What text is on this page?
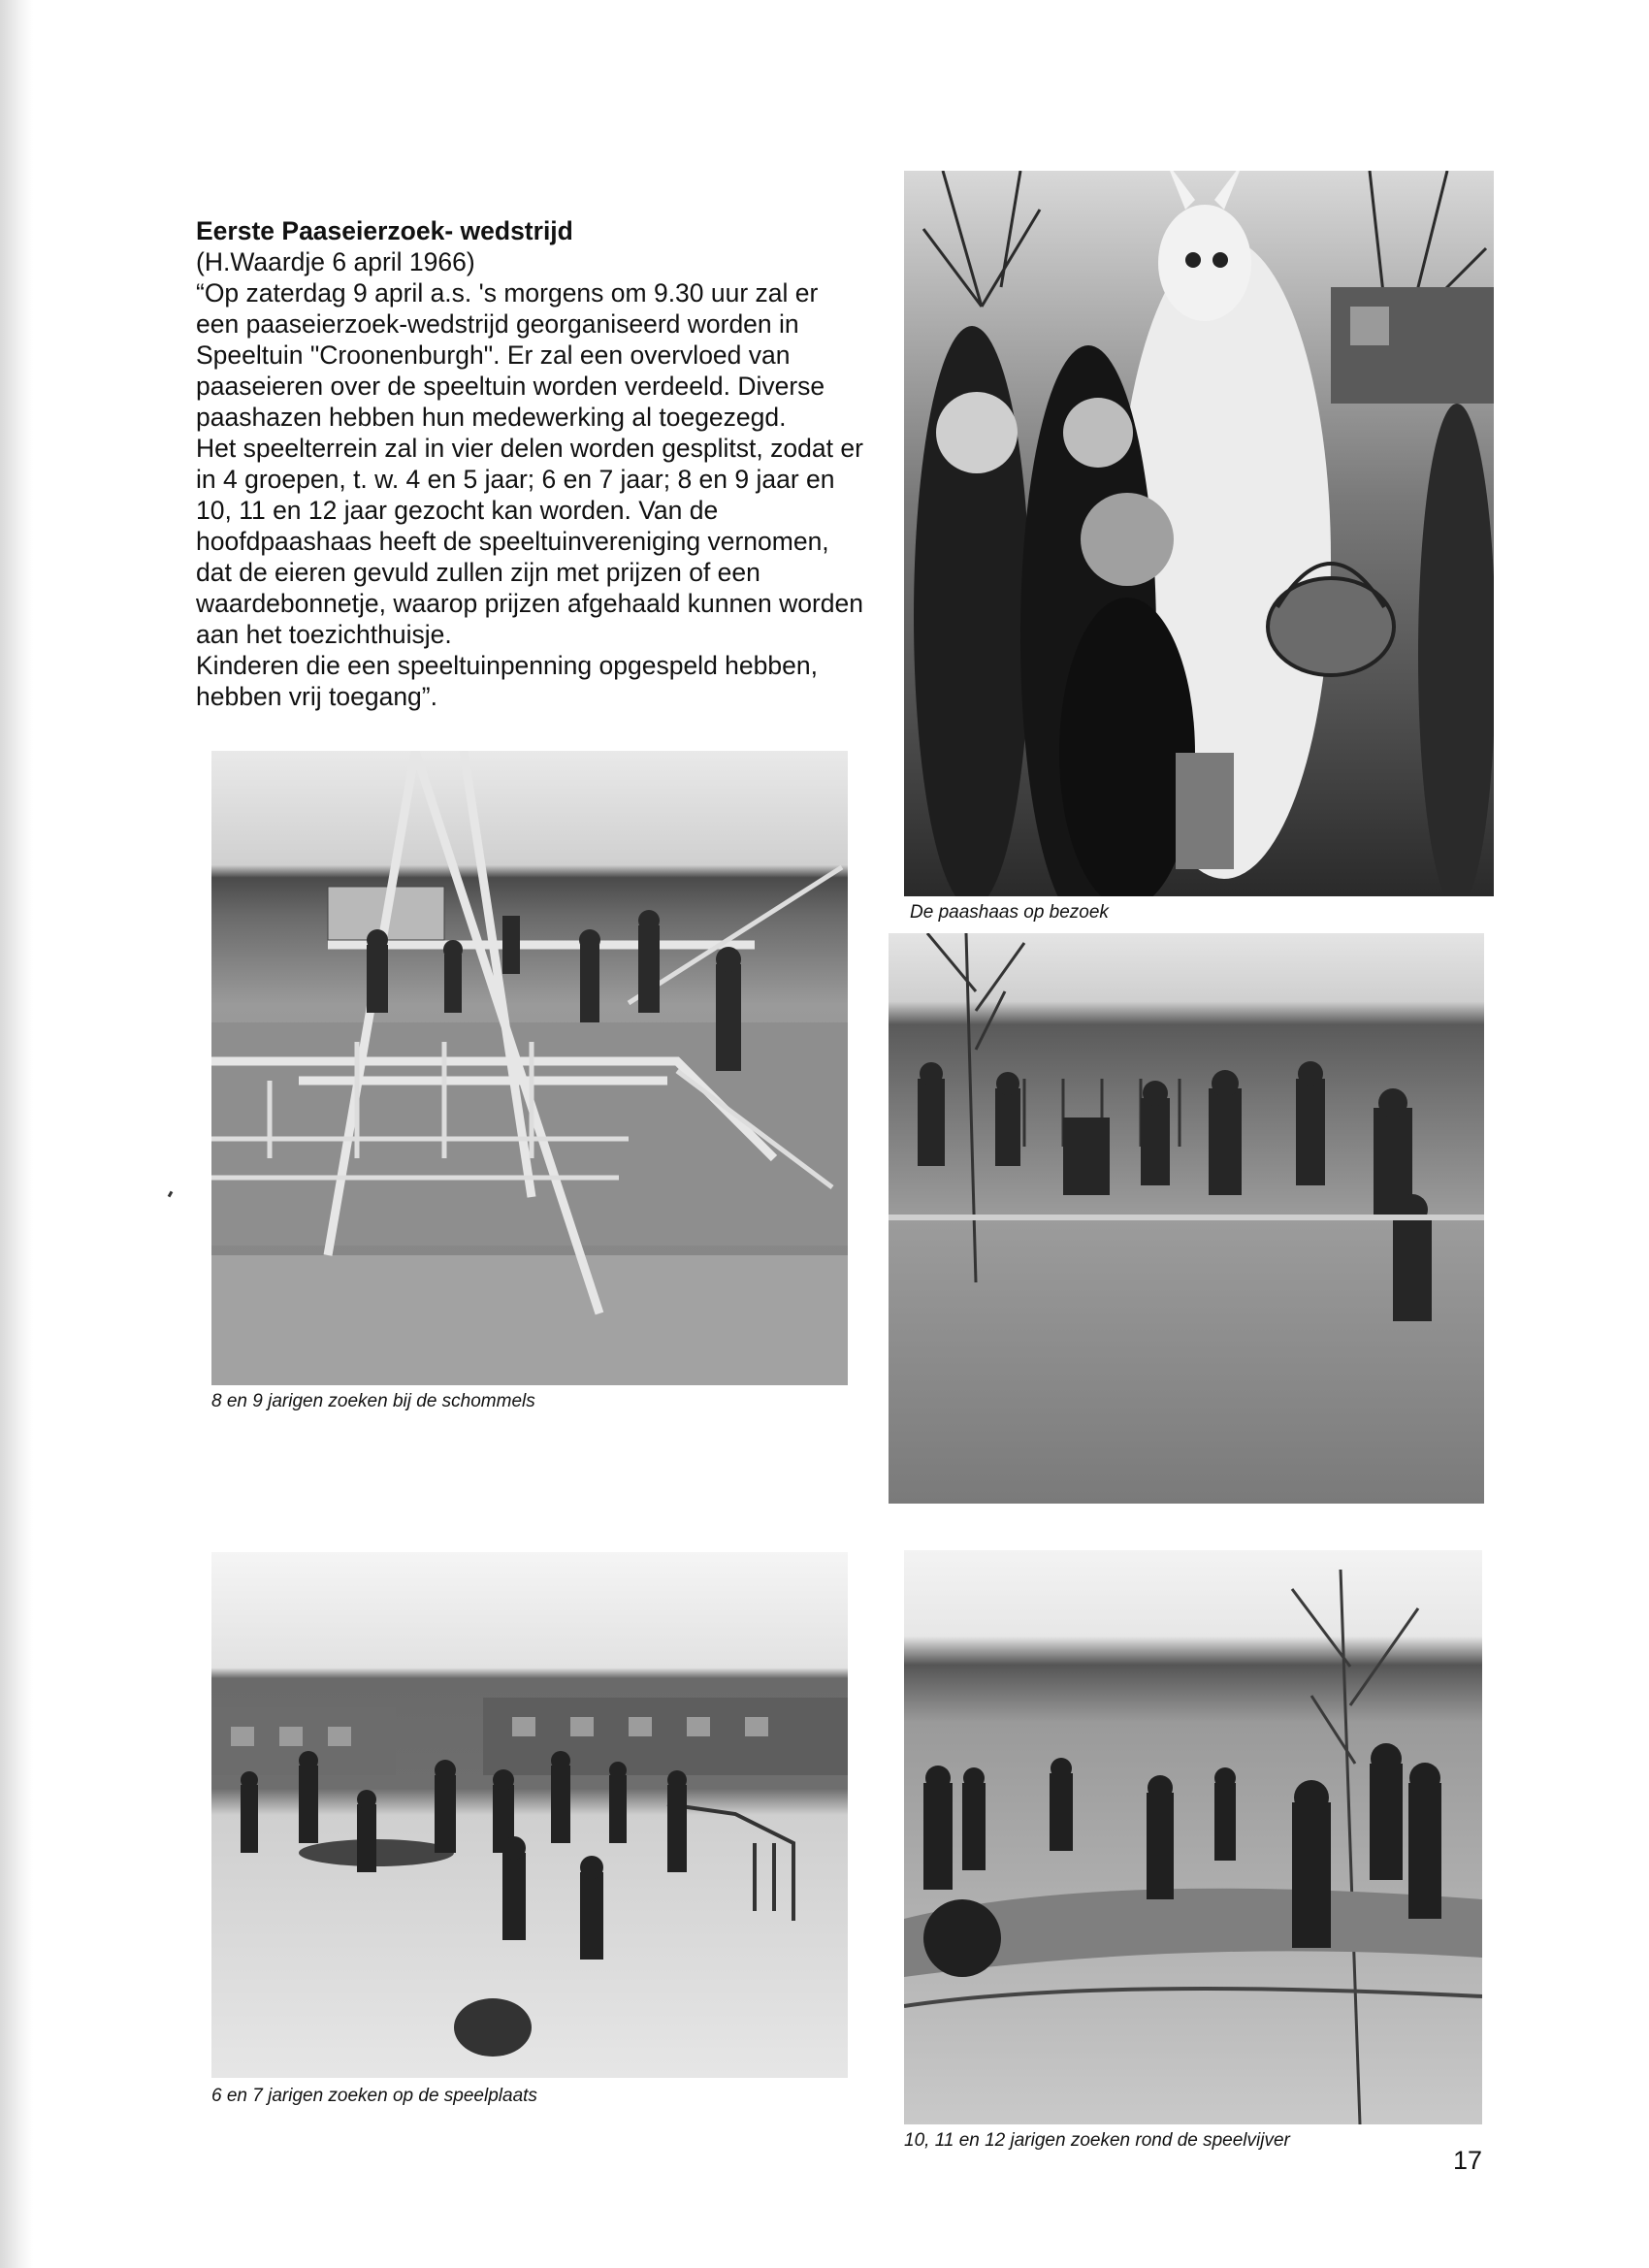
Eerste Paaseierzoek- wedstrijd

(H.Waardje 6 april 1966)

“Op zaterdag 9 april a.s. 's morgens om 9.30 uur zal er een paaseierzoek-wedstrijd georganiseerd worden in Speeltuin "Croonenburgh". Er zal een overvloed van paaseieren over de speeltuin worden verdeeld. Diverse paashazen hebben hun medewerking al toegezegd.

Het speelterrein zal in vier delen worden gesplitst, zodat er in 4 groepen, t. w. 4 en 5 jaar; 6 en 7 jaar; 8 en 9 jaar en 10, 11 en 12 jaar gezocht kan worden. Van de hoofdpaashaas heeft de speeltuinvereniging vernomen, dat de eieren gevuld zullen zijn met prijzen of een waardebonnetje, waarop prijzen afgehaald kunnen worden aan het toezichthuisje.

Kinderen die een speeltuinpenning opgespeld hebben, hebben vrij toegang”.

De paashaas op bezoek
8 en 9 jarigen zoeken bij de schommels
6 en 7 jarigen zoeken op de speelplaats
10, 11 en 12 jarigen zoeken rond de speelvijver
17
